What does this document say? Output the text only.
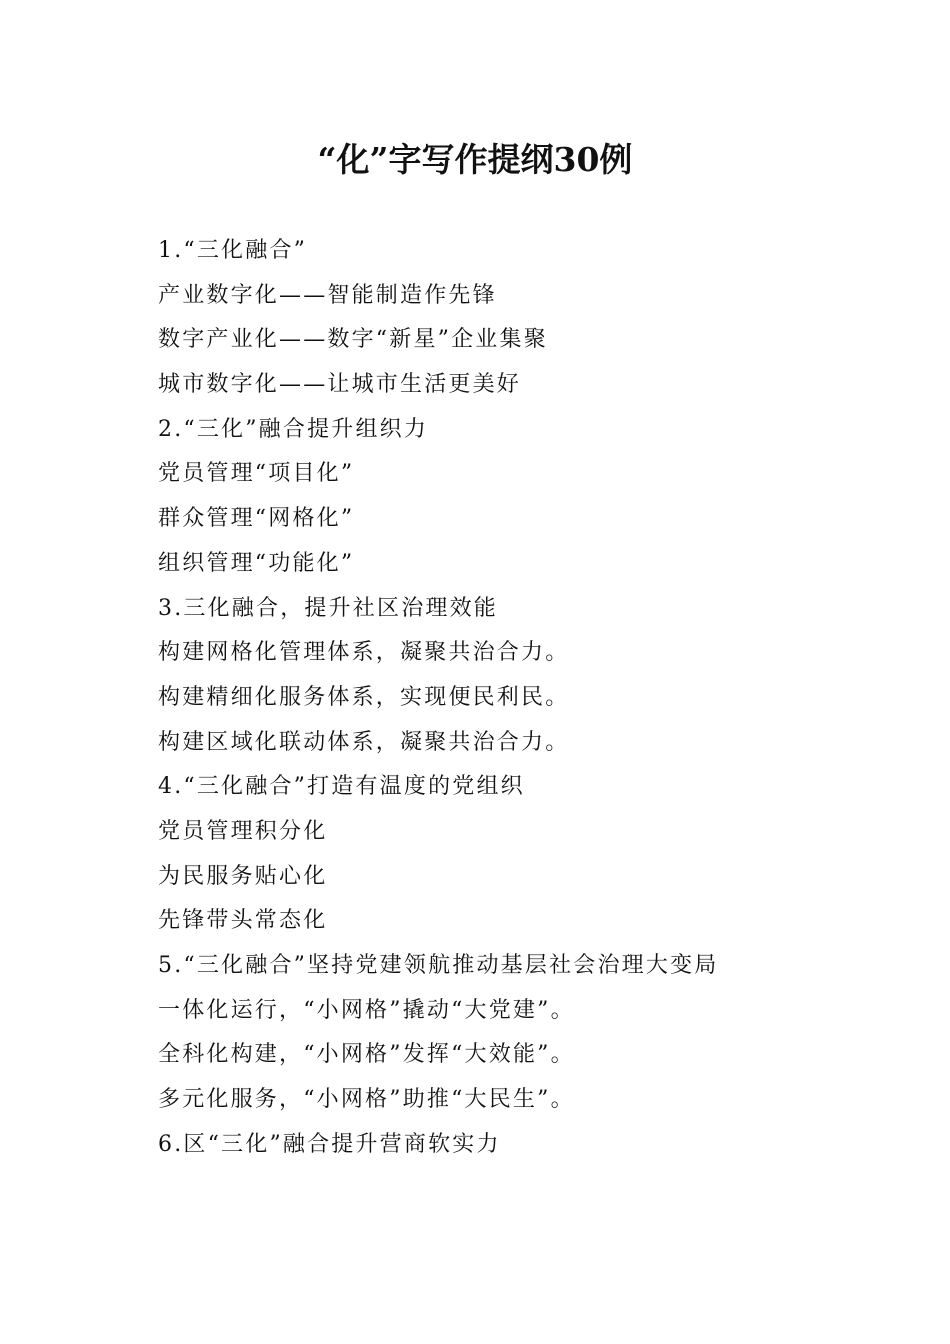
“化”字写作提纲30例
1.“三化融合”
产业数字化——智能制造作先锋
数字产业化——数字“新星”企业集聚
城市数字化——让城市生活更美好
2.“三化”融合提升组织力
党员管理“项目化”
群众管理“网格化”
组织管理“功能化”
3.三化融合，提升社区治理效能
构建网格化管理体系，凝聚共治合力。
构建精细化服务体系，实现便民利民。
构建区域化联动体系，凝聚共治合力。
4.“三化融合”打造有温度的党组织
党员管理积分化
为民服务贴心化
先锋带头常态化
5.“三化融合”坚持党建领航推动基层社会治理大变局
一体化运行，“小网格”撬动“大党建”。
全科化构建，“小网格”发挥“大效能”。
多元化服务，“小网格”助推“大民生”。
6.区“三化”融合提升营商软实力
